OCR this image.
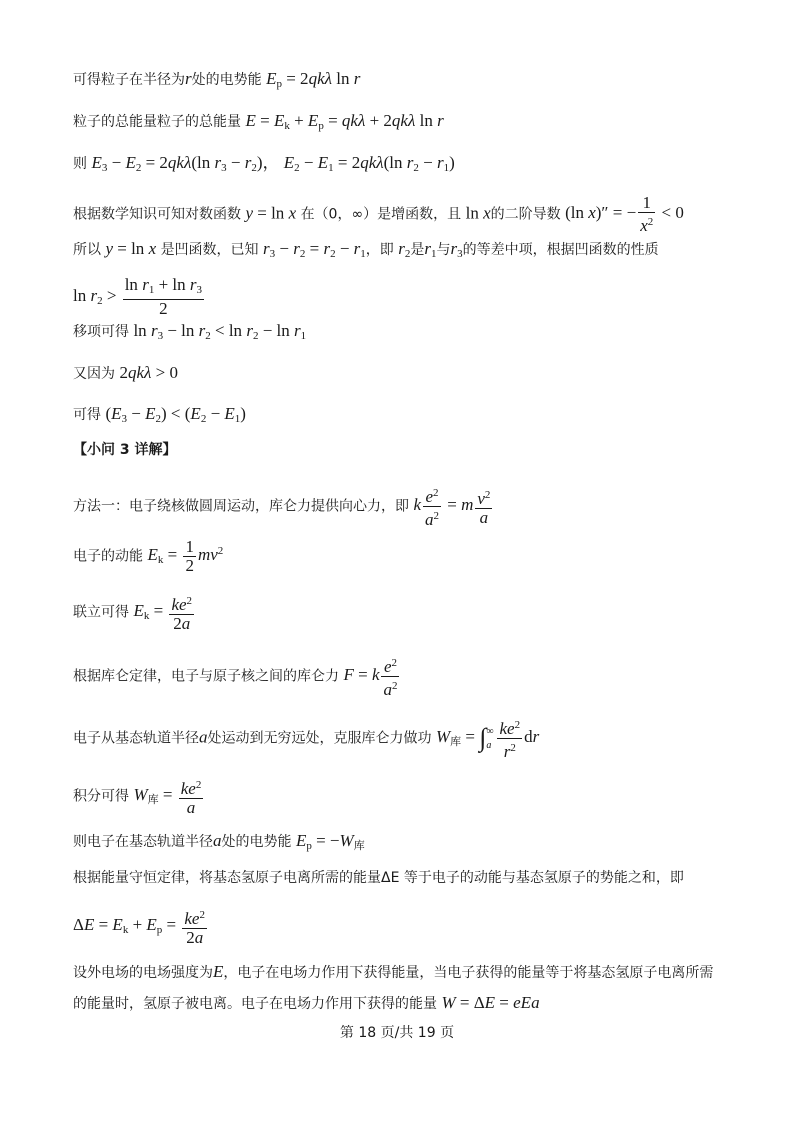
可得粒子在半径为r处的电势能 $E_p = 2qk\lambda$ ln r
粒子的总能量粒子的总能量 $E = E_k + E_p = qk\lambda + 2qk\lambda$ ln r
则 $E_3 - E_2 = 2qk\lambda(\ln$ $r_3 - r_2$)， $E_2 - E_1 = 2qk\lambda(\ln$ $r_2 - r_1$)
根据数学知识可知对数函数 y = ln x 在（0，∞）是增函数，且 ln x的二阶导数 (ln x)″ = − $\frac{1}{x^2} < 0$
所以 y = ln x 是凹函数，已知 $r_3 - r_2 = r_2 - r_1$，即 $r_2$是$r_1$与$r_3$的等差中项，根据凹函数的性质
$\ln r_2 > \frac{\ln r_1 + \ln r_3}{2}$
移项可得 $\ln r_3 - \ln r_2 < \ln r_2 - \ln r_1$
又因为 2qkλ > 0
可得 $(E_3 - E_2) < (E_2 - E_1)$
【小问 3 详解】
方法一：电子绕核做圆周运动，库仑力提供向心力，即 k $\frac{e^2}{a^2} = m \frac{v^2}{a}$
电子的动能 $E_k = \frac{1}{2} mv^2$
联立可得 $E_k = \frac{ke^2}{2a}$
根据库仑定律，电子与原子核之间的库仑力 F = k $\frac{e^2}{a^2}$
电子从基态轨道半径a处运动到无穷远处，克服库仑力做功 $W_库$ = ∫ ∞
a $\frac{ke^2}{r^2}$ dr
积分可得 $W_库 = \frac{ke^2}{a}$
则电子在基态轨道半径a处的电势能 $E_p = -W_库$
根据能量守恒定律，将基态氢原子电离所需的能量ΔE 等于电子的动能与基态氢原子的势能之和，即
$\Delta E = E_k + E_p = \frac{ke^2}{2a}$
设外电场的电场强度为E，电子在电场力作用下获得能量，当电子获得的能量等于将基态氢原子电离所需
的能量时，氢原子被电离。电子在电场力作用下获得的能量 W = ΔE = eEa
第 18 页/共 19 页
